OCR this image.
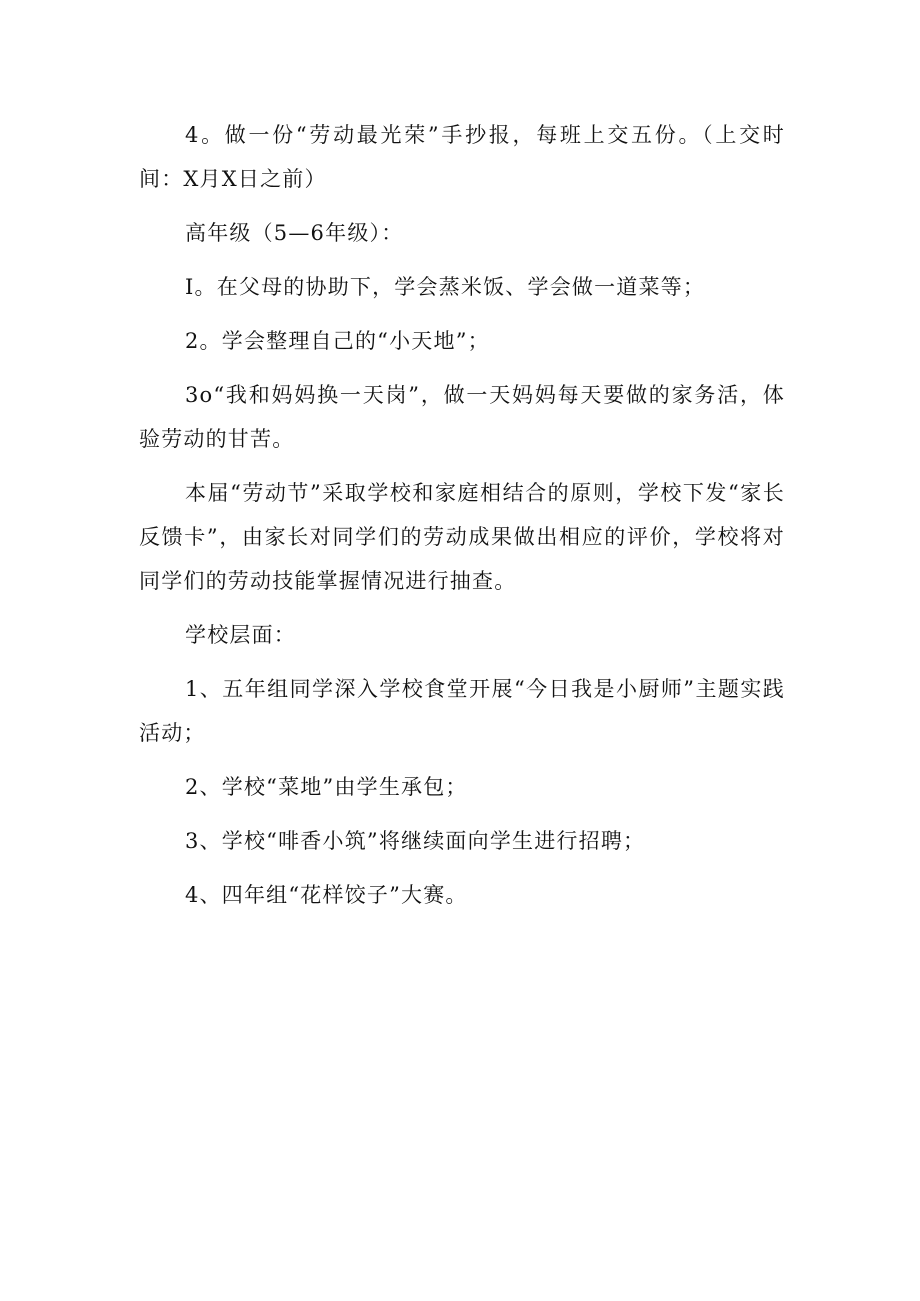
4。做一份“劳动最光荣”手抄报，每班上交五份。（上交时间：X月X日之前）

高年级（5—6年级）：

I。在父母的协助下，学会蒸米饭、学会做一道菜等；

2。学会整理自己的“小天地”；

3o“我和妈妈换一天岗”，做一天妈妈每天要做的家务活，体验劳动的甘苦。

本届“劳动节”采取学校和家庭相结合的原则，学校下发“家长反馈卡”，由家长对同学们的劳动成果做出相应的评价，学校将对同学们的劳动技能掌握情况进行抽查。

学校层面：

1、五年组同学深入学校食堂开展“今日我是小厨师”主题实践活动；

2、学校“菜地”由学生承包；

3、学校“啡香小筑”将继续面向学生进行招聘；

4、四年组“花样饺子”大赛。
